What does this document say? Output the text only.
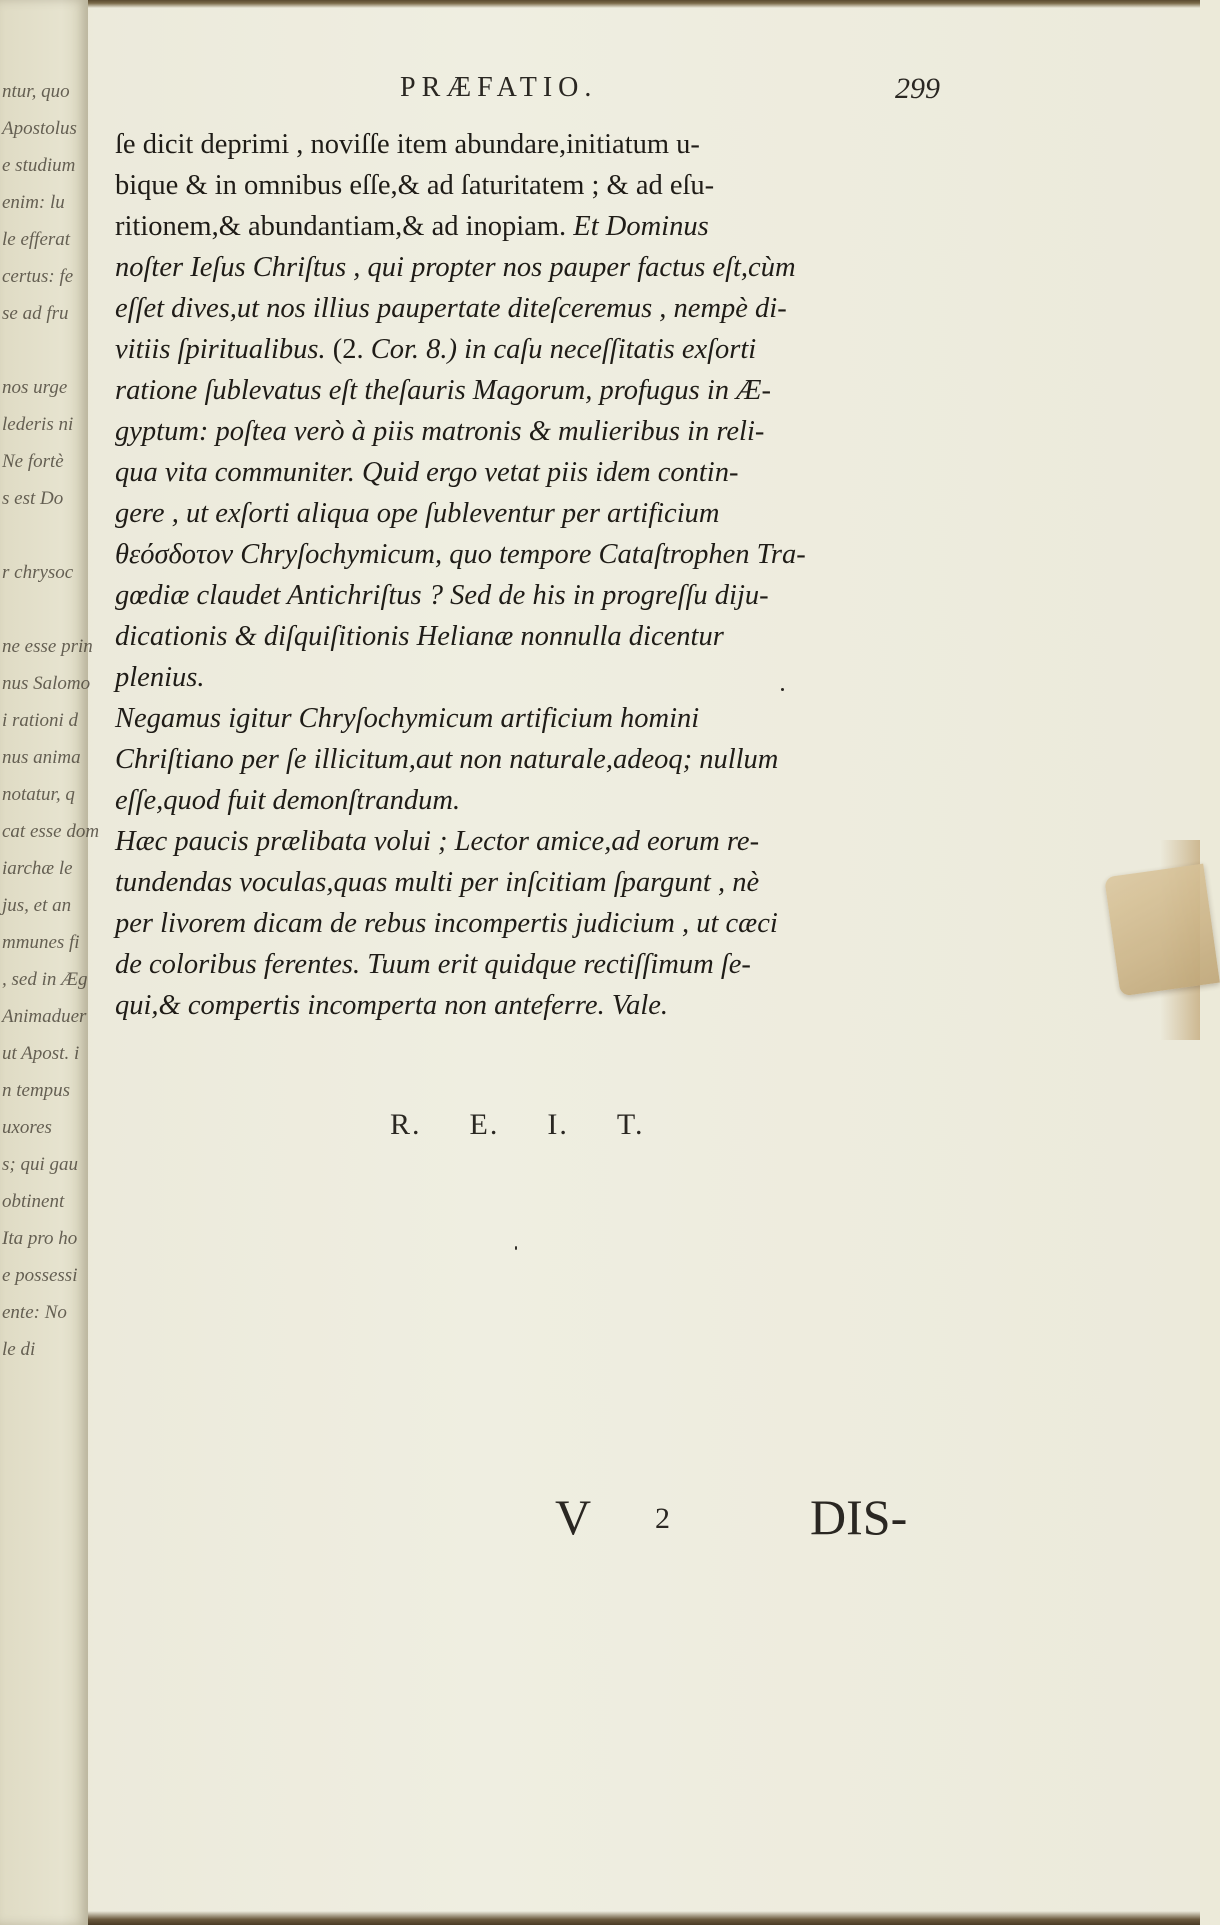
ntur, quo
Apostolus
e studium
enim: lu
le efferat
certus: fe
se ad fru

nos urge
lederis ni
Ne fortè
s est Do

r chrysoc

ne esse prin
nus Salomo
i rationi d
nus anima
notatur, q
cat esse dom
iarchæ le
jus, et an
mmunes fi
, sed in Æg
Animaduer
ut Apost. i
n tempus
uxores
s; qui gau
obtinent
Ita pro ho
e possessi
ente: No
le di
PRÆFATIO.	299
ſe dicit deprimi , noviſſe item abundare,initiatum u-
bique & in omnibus eſſe,& ad ſaturitatem ; & ad eſu-
ritionem,& abundantiam,& ad inopiam. Et Dominus
noſter Ieſus Chriſtus , qui propter nos pauper factus eſt,cùm
eſſet dives,ut nos illius paupertate diteſceremus , nempè di-
vitiis ſpiritualibus. (2. Cor. 8.) in caſu neceſſitatis exſorti
ratione ſublevatus eſt theſauris Magorum, profugus in Æ-
gyptum: poſtea verò à piis matronis & mulieribus in reli-
qua vita communiter. Quid ergo vetat piis idem contin-
gere , ut exſorti aliqua ope ſubleventur per artificium
θεόσδοτον Chryſochymicum, quo tempore Cataſtrophen Tra-
gœdiæ claudet Antichriſtus ? Sed de his in progreſſu diju-
dicationis & diſquiſitionis Helianæ nonnulla dicentur
plenius.
Negamus igitur Chryſochymicum artificium homini
Chriſtiano per ſe illicitum,aut non naturale,adeoq; nullum
eſſe,quod fuit demonſtrandum.
Hæc paucis prælibata volui ; Lector amice,ad eorum re-
tundendas voculas,quas multi per inſcitiam ſpargunt , nè
per livorem dicam de rebus incompertis judicium , ut cæci
de coloribus ferentes. Tuum erit quidque rectiſſimum ſe-
qui,& compertis incomperta non anteferre. Vale.
R. E. I. T.
V 2	DIS-
